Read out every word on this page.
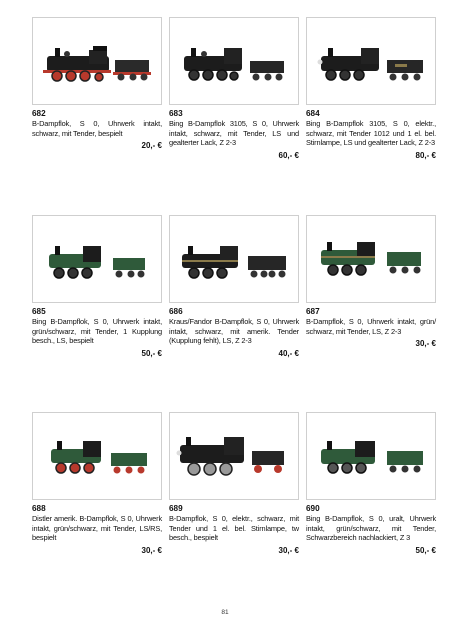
682
B-Dampflok, S 0, Uhrwerk intakt, schwarz, mit Tender, bespielt
20,- €
683
Bing B-Dampflok 3105, S 0, Uhrwerk intakt, schwarz, mit Tender, LS und gealterter Lack, Z 2-3
60,- €
684
Bing B-Dampflok 3105, S 0, elektr., schwarz, mit Tender 1012 und 1 el. bel. Stirnlampe, LS und gealterter Lack, Z 2-3
80,- €
685
Bing B-Dampflok, S 0, Uhrwerk intakt, grün/schwarz, mit Tender, 1 Kupplung besch., LS, bespielt
50,- €
686
Kraus/Fandor B-Dampflok, S 0, Uhrwerk intakt, schwarz, mit amerik. Tender (Kupplung fehlt), LS, Z 2-3
40,- €
687
B-Dampflok, S 0, Uhrwerk intakt, grün/ schwarz, mit Tender, LS, Z 2-3
30,- €
688
Distler amerik. B-Dampflok, S 0, Uhrwerk intakt, grün/schwarz, mit Tender, LS/RS, bespielt
30,- €
689
B-Dampflok, S 0, elektr., schwarz, mit Tender und 1 el. bel. Stirnlampe, tw besch., bespielt
30,- €
690
Bing B-Dampflok, S 0, uralt, Uhrwerk intakt, grün/schwarz, mit Tender, Schwarzbereich nachlackiert, Z 3
50,- €
81
